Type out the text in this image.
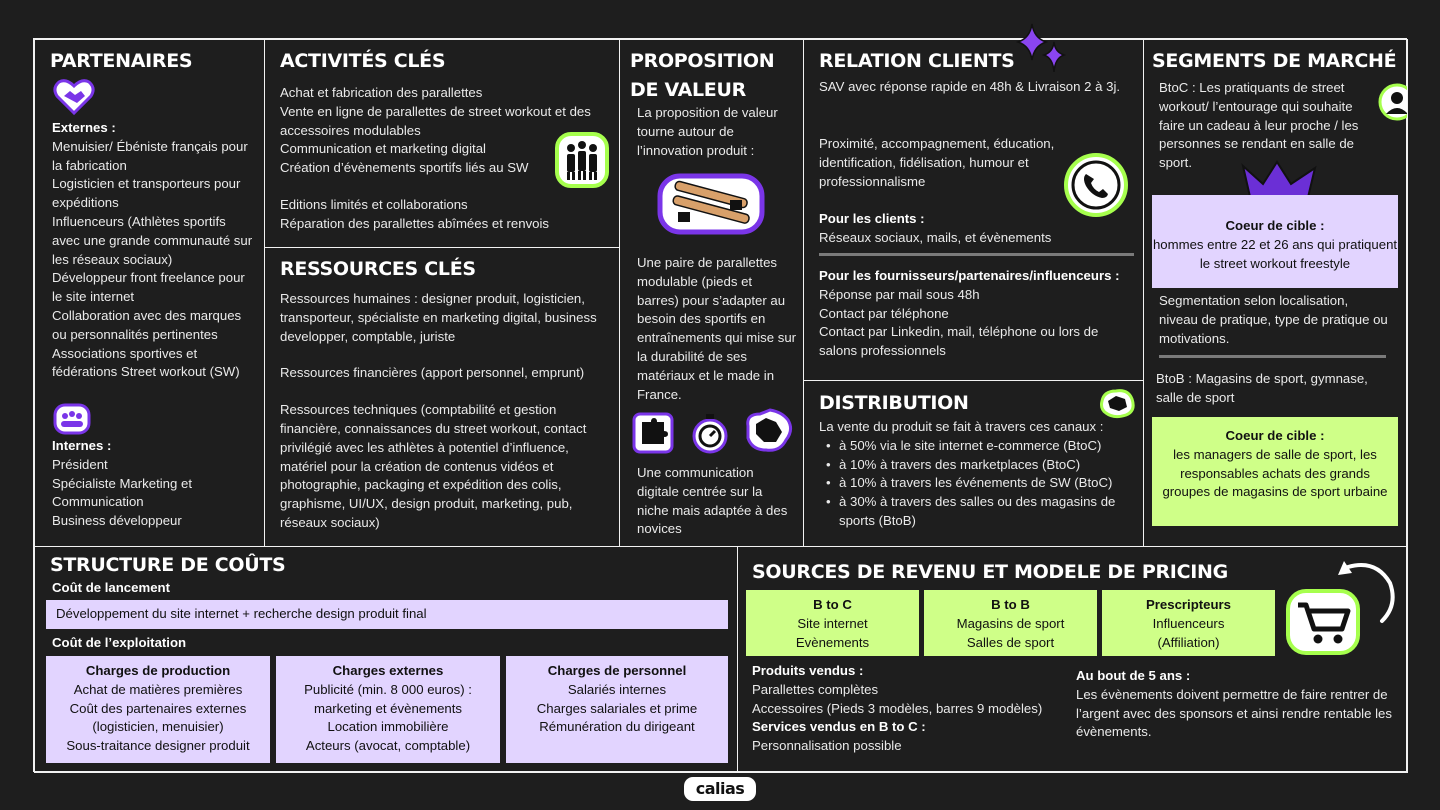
PARTENAIRES
Externes :
Menuisier/ Ébéniste français pour la fabrication
Logisticien et transporteurs pour expéditions
Influenceurs (Athlètes sportifs avec une grande communauté sur les réseaux sociaux)
Développeur front freelance pour le site internet
Collaboration avec des marques ou personnalités pertinentes
Associations sportives et fédérations Street workout (SW)
Internes :
Président
Spécialiste Marketing et Communication
Business développeur
ACTIVITÉS CLÉS
Achat et fabrication des parallettes
Vente en ligne de parallettes de street workout et des accessoires modulables
Communication et marketing digital
Création d’évènements sportifs liés au SW
Editions limités et collaborations
Réparation des parallettes abîmées et renvois
RESSOURCES CLÉS
Ressources humaines : designer produit, logisticien, transporteur, spécialiste en marketing digital, business developper, comptable, juriste
Ressources financières (apport personnel, emprunt)
Ressources techniques (comptabilité et gestion financière, connaissances du street workout, contact privilégié avec les athlètes à potentiel d’influence, matériel pour la création de contenus vidéos et photographie, packaging et expédition des colis, graphisme, UI/UX, design produit, marketing, pub, réseaux sociaux)
PROPOSITION
DE VALEUR
La proposition de valeur tourne autour de l’innovation produit :
Une paire de parallettes modulable (pieds et barres) pour s’adapter au besoin des sportifs en entraînements qui mise sur la durabilité de ses matériaux et le made in France.
Une communication digitale centrée sur la niche mais adaptée à des novices
RELATION CLIENTS
SAV avec réponse rapide en 48h & Livraison 2 à 3j.
Proximité, accompagnement, éducation, identification, fidélisation, humour et professionnalisme
Pour les clients :
Réseaux sociaux, mails, et évènements
Pour les fournisseurs/partenaires/influenceurs :
Réponse par mail sous 48h
Contact par téléphone
Contact par Linkedin, mail, téléphone ou lors de salons professionnels
DISTRIBUTION
La vente du produit se fait à travers ces canaux :
• à 50% via le site internet e-commerce (BtoC)
• à 10% à travers des marketplaces (BtoC)
• à 10% à travers les événements de SW (BtoC)
• à 30% à travers des salles ou des magasins de sports (BtoB)
SEGMENTS DE MARCHÉ
BtoC : Les pratiquants de street workout/ l’entourage qui souhaite faire un cadeau à leur proche / les personnes se rendant en salle de sport.
Coeur de cible :
hommes entre 22 et 26 ans qui pratiquent le street workout freestyle
Segmentation selon localisation, niveau de pratique, type de pratique ou motivations.
BtoB : Magasins de sport, gymnase, salle de sport
Coeur de cible :
les managers de salle de sport, les responsables achats des grands groupes de magasins de sport urbaine
STRUCTURE DE COÛTS
Coût de lancement
Développement du site internet + recherche design produit final
Coût de l’exploitation
Charges de production
Achat de matières premières
Coût des partenaires externes
(logisticien, menuisier)
Sous-traitance designer produit
Charges externes
Publicité (min. 8 000 euros) :
marketing et évènements
Location immobilière
Acteurs (avocat, comptable)
Charges de personnel
Salariés internes
Charges salariales et prime
Rémunération du dirigeant
SOURCES DE REVENU ET MODELE DE PRICING
B to C
Site internet
Evènements
B to B
Magasins de sport
Salles de sport
Prescripteurs
Influenceurs
(Affiliation)
Produits vendus :
Parallettes complètes
Accessoires (Pieds 3 modèles, barres 9 modèles)
Services vendus en B to C :
Personnalisation possible
Au bout de 5 ans :
Les évènements doivent permettre de faire rentrer de l’argent avec des sponsors et ainsi rendre rentable les évènements.
calias
